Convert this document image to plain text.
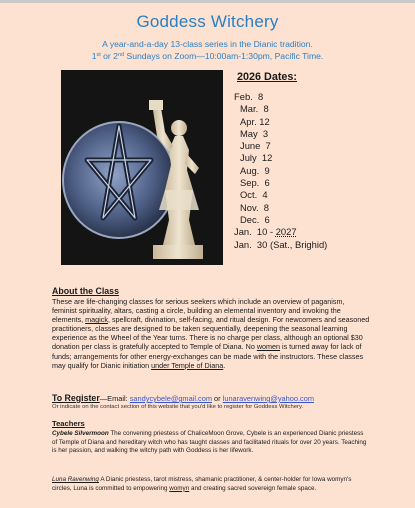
Goddess Witchery
A year-and-a-day 13-class series in the Dianic tradition.
1st or 2nd Sundays on Zoom—10:00am-1:30pm, Pacific Time.
2026 Dates:
Feb.  8
Mar.  8
Apr. 12
May  3
June  7
July  12
Aug.  9
Sep.  6
Oct.  4
Nov.  8
Dec.  6
Jan.  10 - 2027
Jan.  30 (Sat., Brighid)
About the Class
These are life-changing classes for serious seekers which include an overview of paganism, feminist spirituality, altars, casting a circle, building an elemental inventory and invoking the elements, magick, spellcraft, divination, self-facing, and ritual design. For newcomers and seasoned practitioners, classes are designed to be taken sequentially, deepening the seasonal learning experience as the Wheel of the Year turns. There is no charge per class, although an optional $30 donation per class is gratefully accepted to Temple of Diana. No women is turned away for lack of funds; arrangements for other energy-exchanges can be made with the instructors. These classes may qualify for Dianic initiation under Temple of Diana.
To Register—Email: sandycybele@gmail.com or lunaravenwing@yahoo.com
Or indicate on the contact section of this website that you'd like to register for Goddess Witchery.
Teachers
Cybele Silvermoon The convening priestess of ChaliceMoon Grove, Cybele is an experienced Dianic priestess of Temple of Diana and hereditary witch who has taught classes and facilitated rituals for over 20 years. Teaching is her passion, and walking the witchy path with Goddess is her lifework.
Luna Ravenwing A Dianic priestess, tarot mistress, shamanic practitioner, & center-holder for Iowa womyn's circles, Luna is committed to empowering womyn and creating sacred sovereign female space.
